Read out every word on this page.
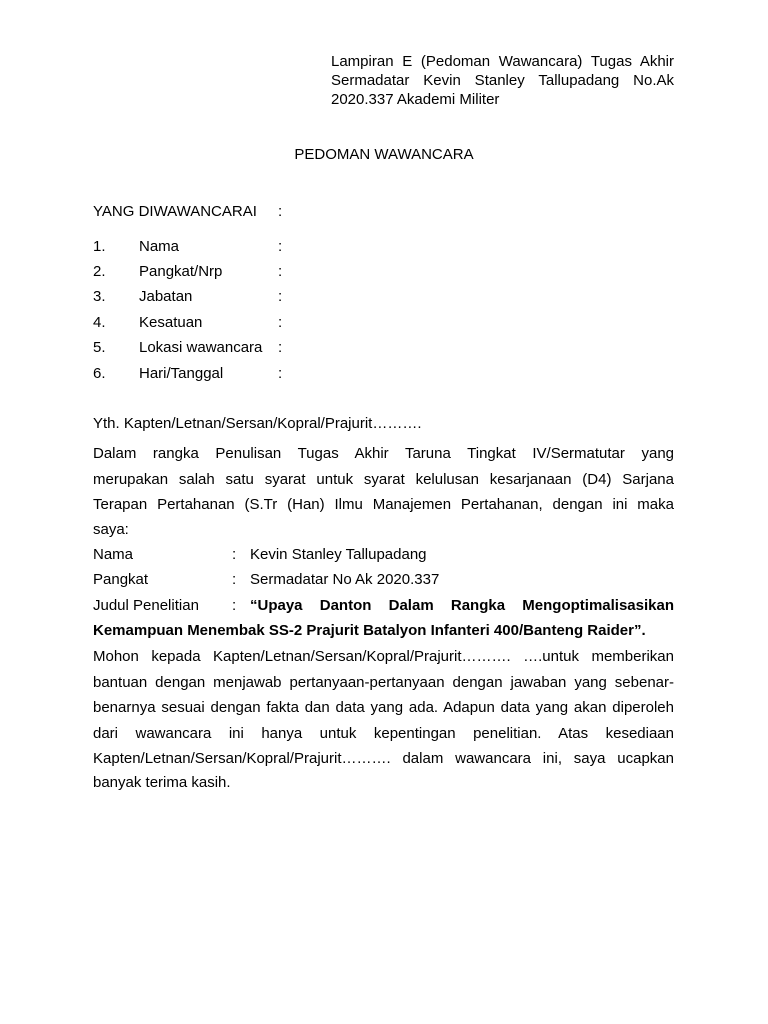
Lampiran E (Pedoman Wawancara) Tugas Akhir
Sermadatar Kevin Stanley Tallupadang No.Ak
2020.337 Akademi Militer
PEDOMAN WAWANCARA
YANG DIWAWANCARAI :
1. Nama	:
2. Pangkat/Nrp	:
3. Jabatan	:
4. Kesatuan	:
5. Lokasi wawancara :
6. Hari/Tanggal	:
Yth. Kapten/Letnan/Sersan/Kopral/Prajurit……….
Dalam rangka Penulisan Tugas Akhir Taruna Tingkat IV/Sermatutar yang
merupakan salah satu syarat untuk syarat kelulusan kesarjanaan (D4) Sarjana
Terapan Pertahanan (S.Tr (Han) Ilmu Manajemen Pertahanan, dengan ini maka
saya:
Nama	: Kevin Stanley Tallupadang
Pangkat	: Sermadatar No Ak 2020.337
Judul Penelitian : “Upaya Danton Dalam Rangka Mengoptimalisasikan
Kemampuan Menembak SS-2 Prajurit Batalyon Infanteri 400/Banteng Raider”.
Mohon kepada Kapten/Letnan/Sersan/Kopral/Prajurit………. ….untuk memberikan
bantuan dengan menjawab pertanyaan-pertanyaan dengan jawaban yang sebenar-
benarnya sesuai dengan fakta dan data yang ada. Adapun data yang akan diperoleh
dari wawancara ini hanya untuk kepentingan penelitian. Atas kesediaan
Kapten/Letnan/Sersan/Kopral/Prajurit………. dalam wawancara ini, saya ucapkan
banyak terima kasih.
